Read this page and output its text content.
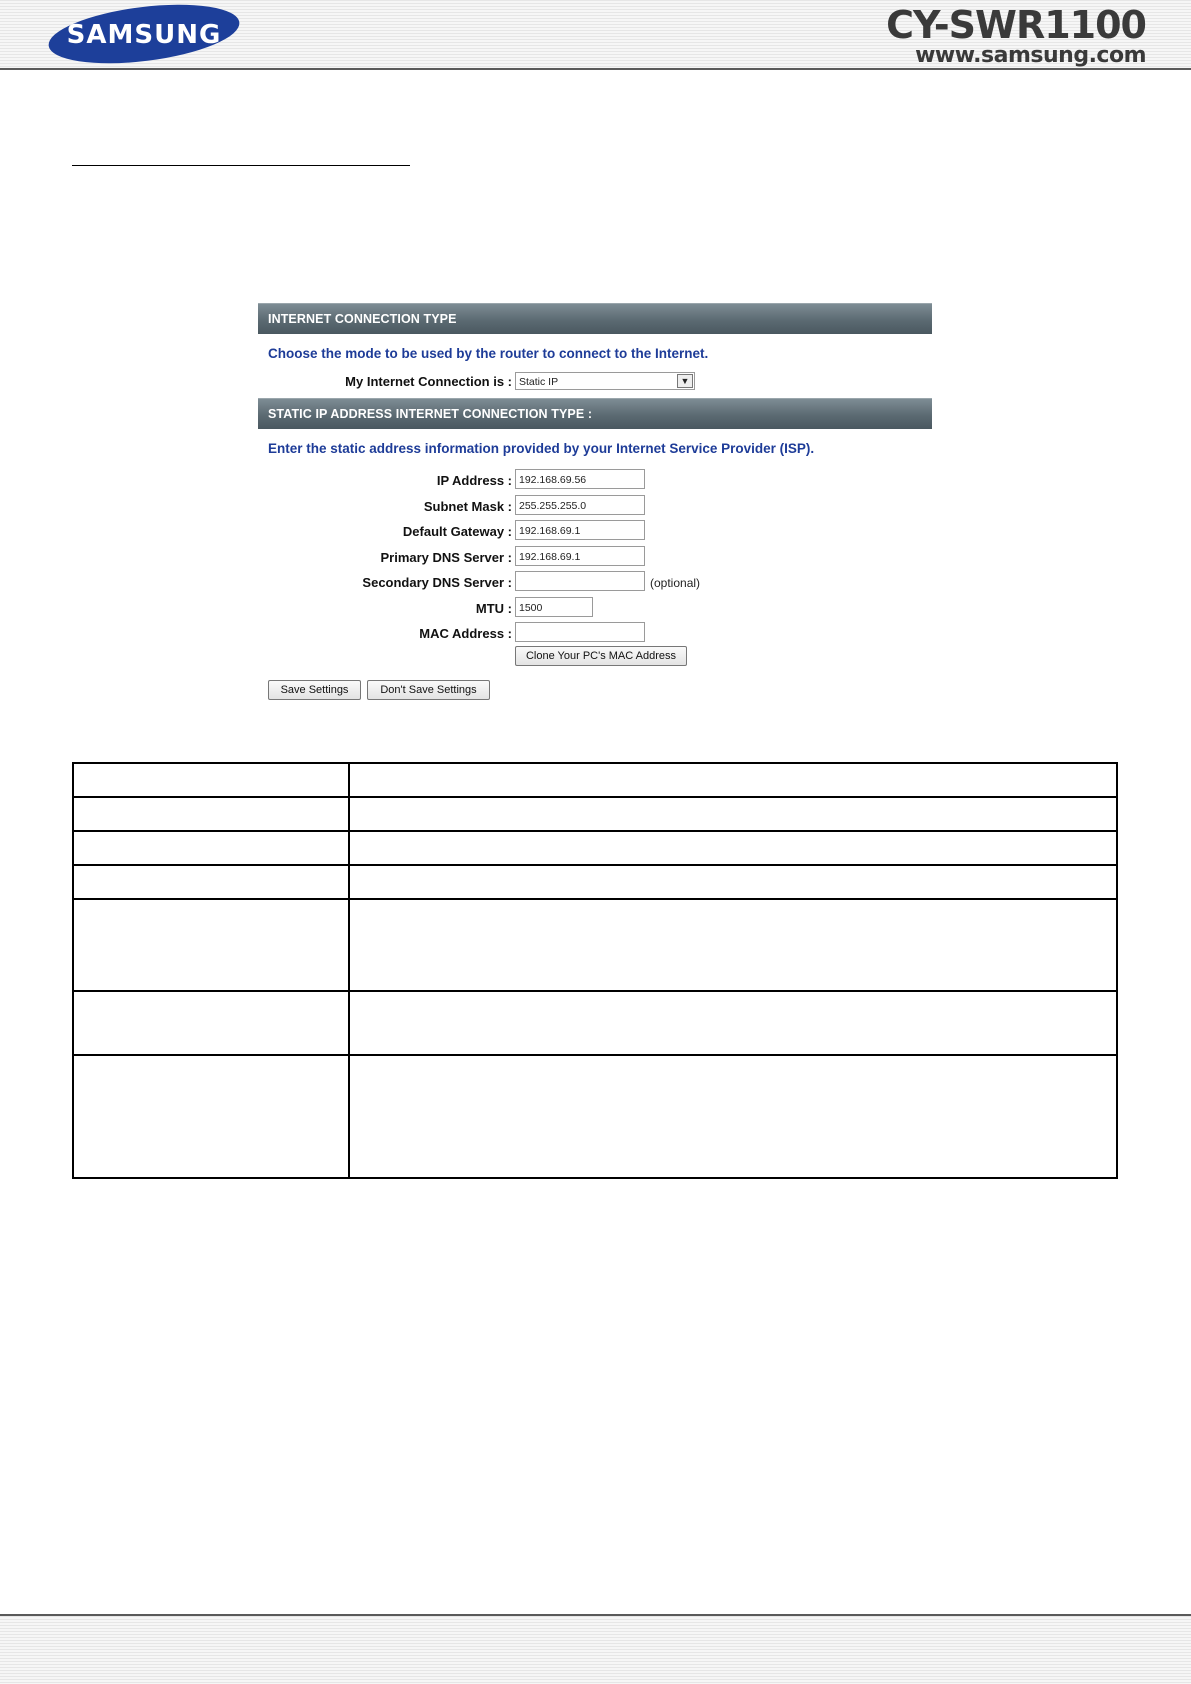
SAMSUNG	CY-SWR1100
www.samsung.com
INTERNET CONNECTION TYPE
Choose the mode to be used by the router to connect to the Internet.
My Internet Connection is : Static IP	▼
STATIC IP ADDRESS INTERNET CONNECTION TYPE :
Enter the static address information provided by your Internet Service Provider (ISP).
IP Address : 192.168.69.56
Subnet Mask : 255.255.255.0
Default Gateway : 192.168.69.1
Primary DNS Server : 192.168.69.1
Secondary DNS Server :	(optional)
MTU : 1500
MAC Address :
Clone Your PC's MAC Address
Save Settings	Don't Save Settings
